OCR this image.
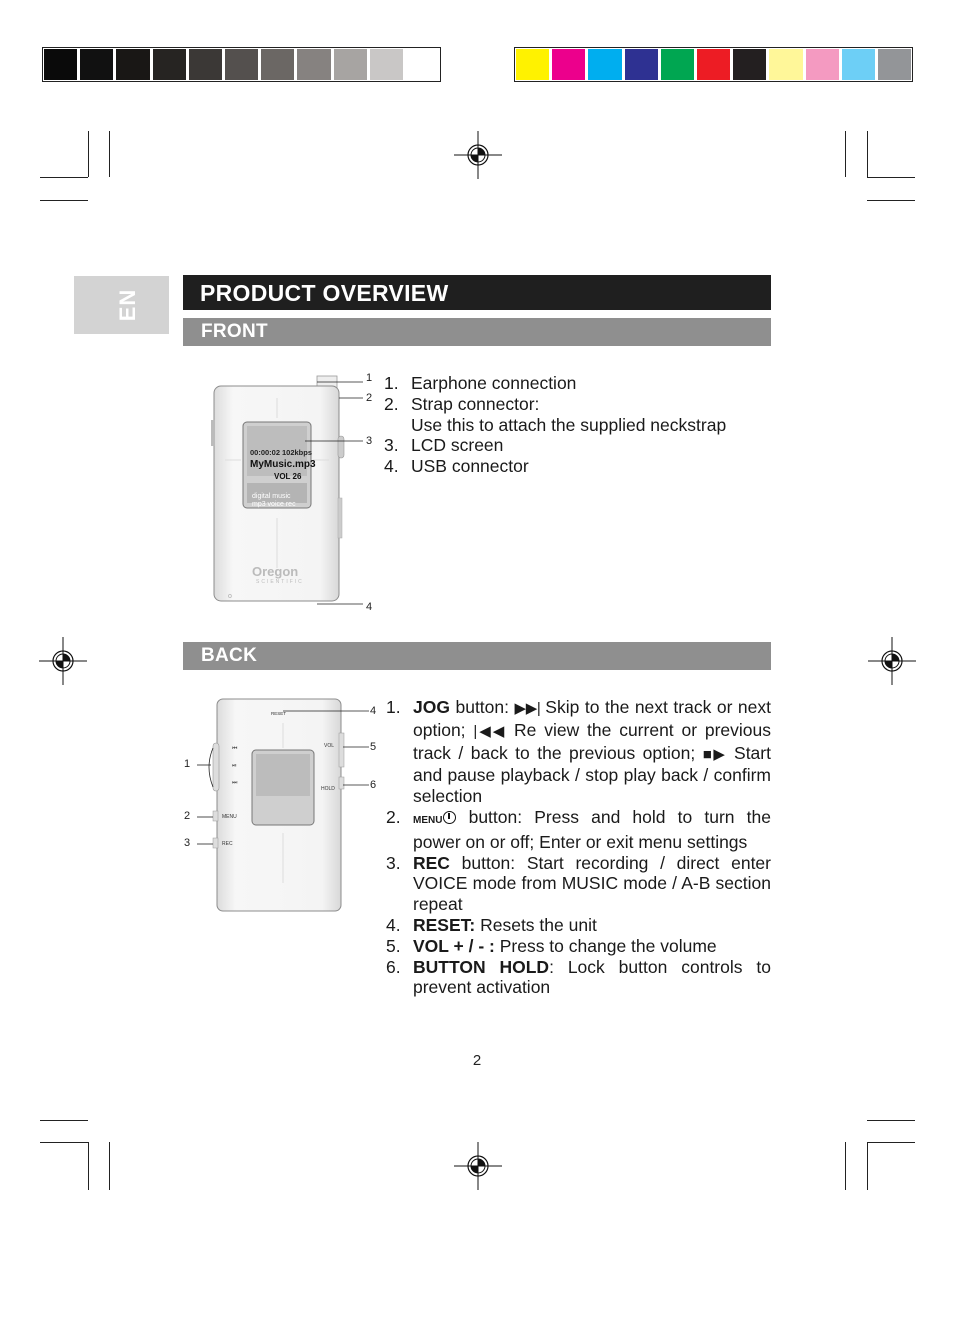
EN	PRODUCT OVERVIEW
FRONT
BACK
o
00:00:02 102kbps
MyMusic.mp3
VOL 26
digital music
mp3 voice rec
Oregon
SCIENTIFIC
1
2
3
4
1. Earphone connection
2. Strap connector:
Use this to attach the supplied neckstrap
3. LCD screen
4. USB connector
⏮
⏯
⏭
RESET
VOL
HOLD
MENU
REC
1
2
3
4
5
6
1. JOG button: ▶▶| Skip to the next track or next option; |◀◀ Re view the current or previous track / back to the previous option; ■▶ Start and pause playback / stop play back / confirm selection
2. MENU
button: Press and hold to turn the power on or off; Enter or exit menu settings
3. REC button: Start recording / direct enter VOICE mode from MUSIC mode / A-B section repeat
4. RESET: Resets the unit
5. VOL + / - : Press to change the volume
6. BUTTON HOLD: Lock button controls to prevent activation
2
